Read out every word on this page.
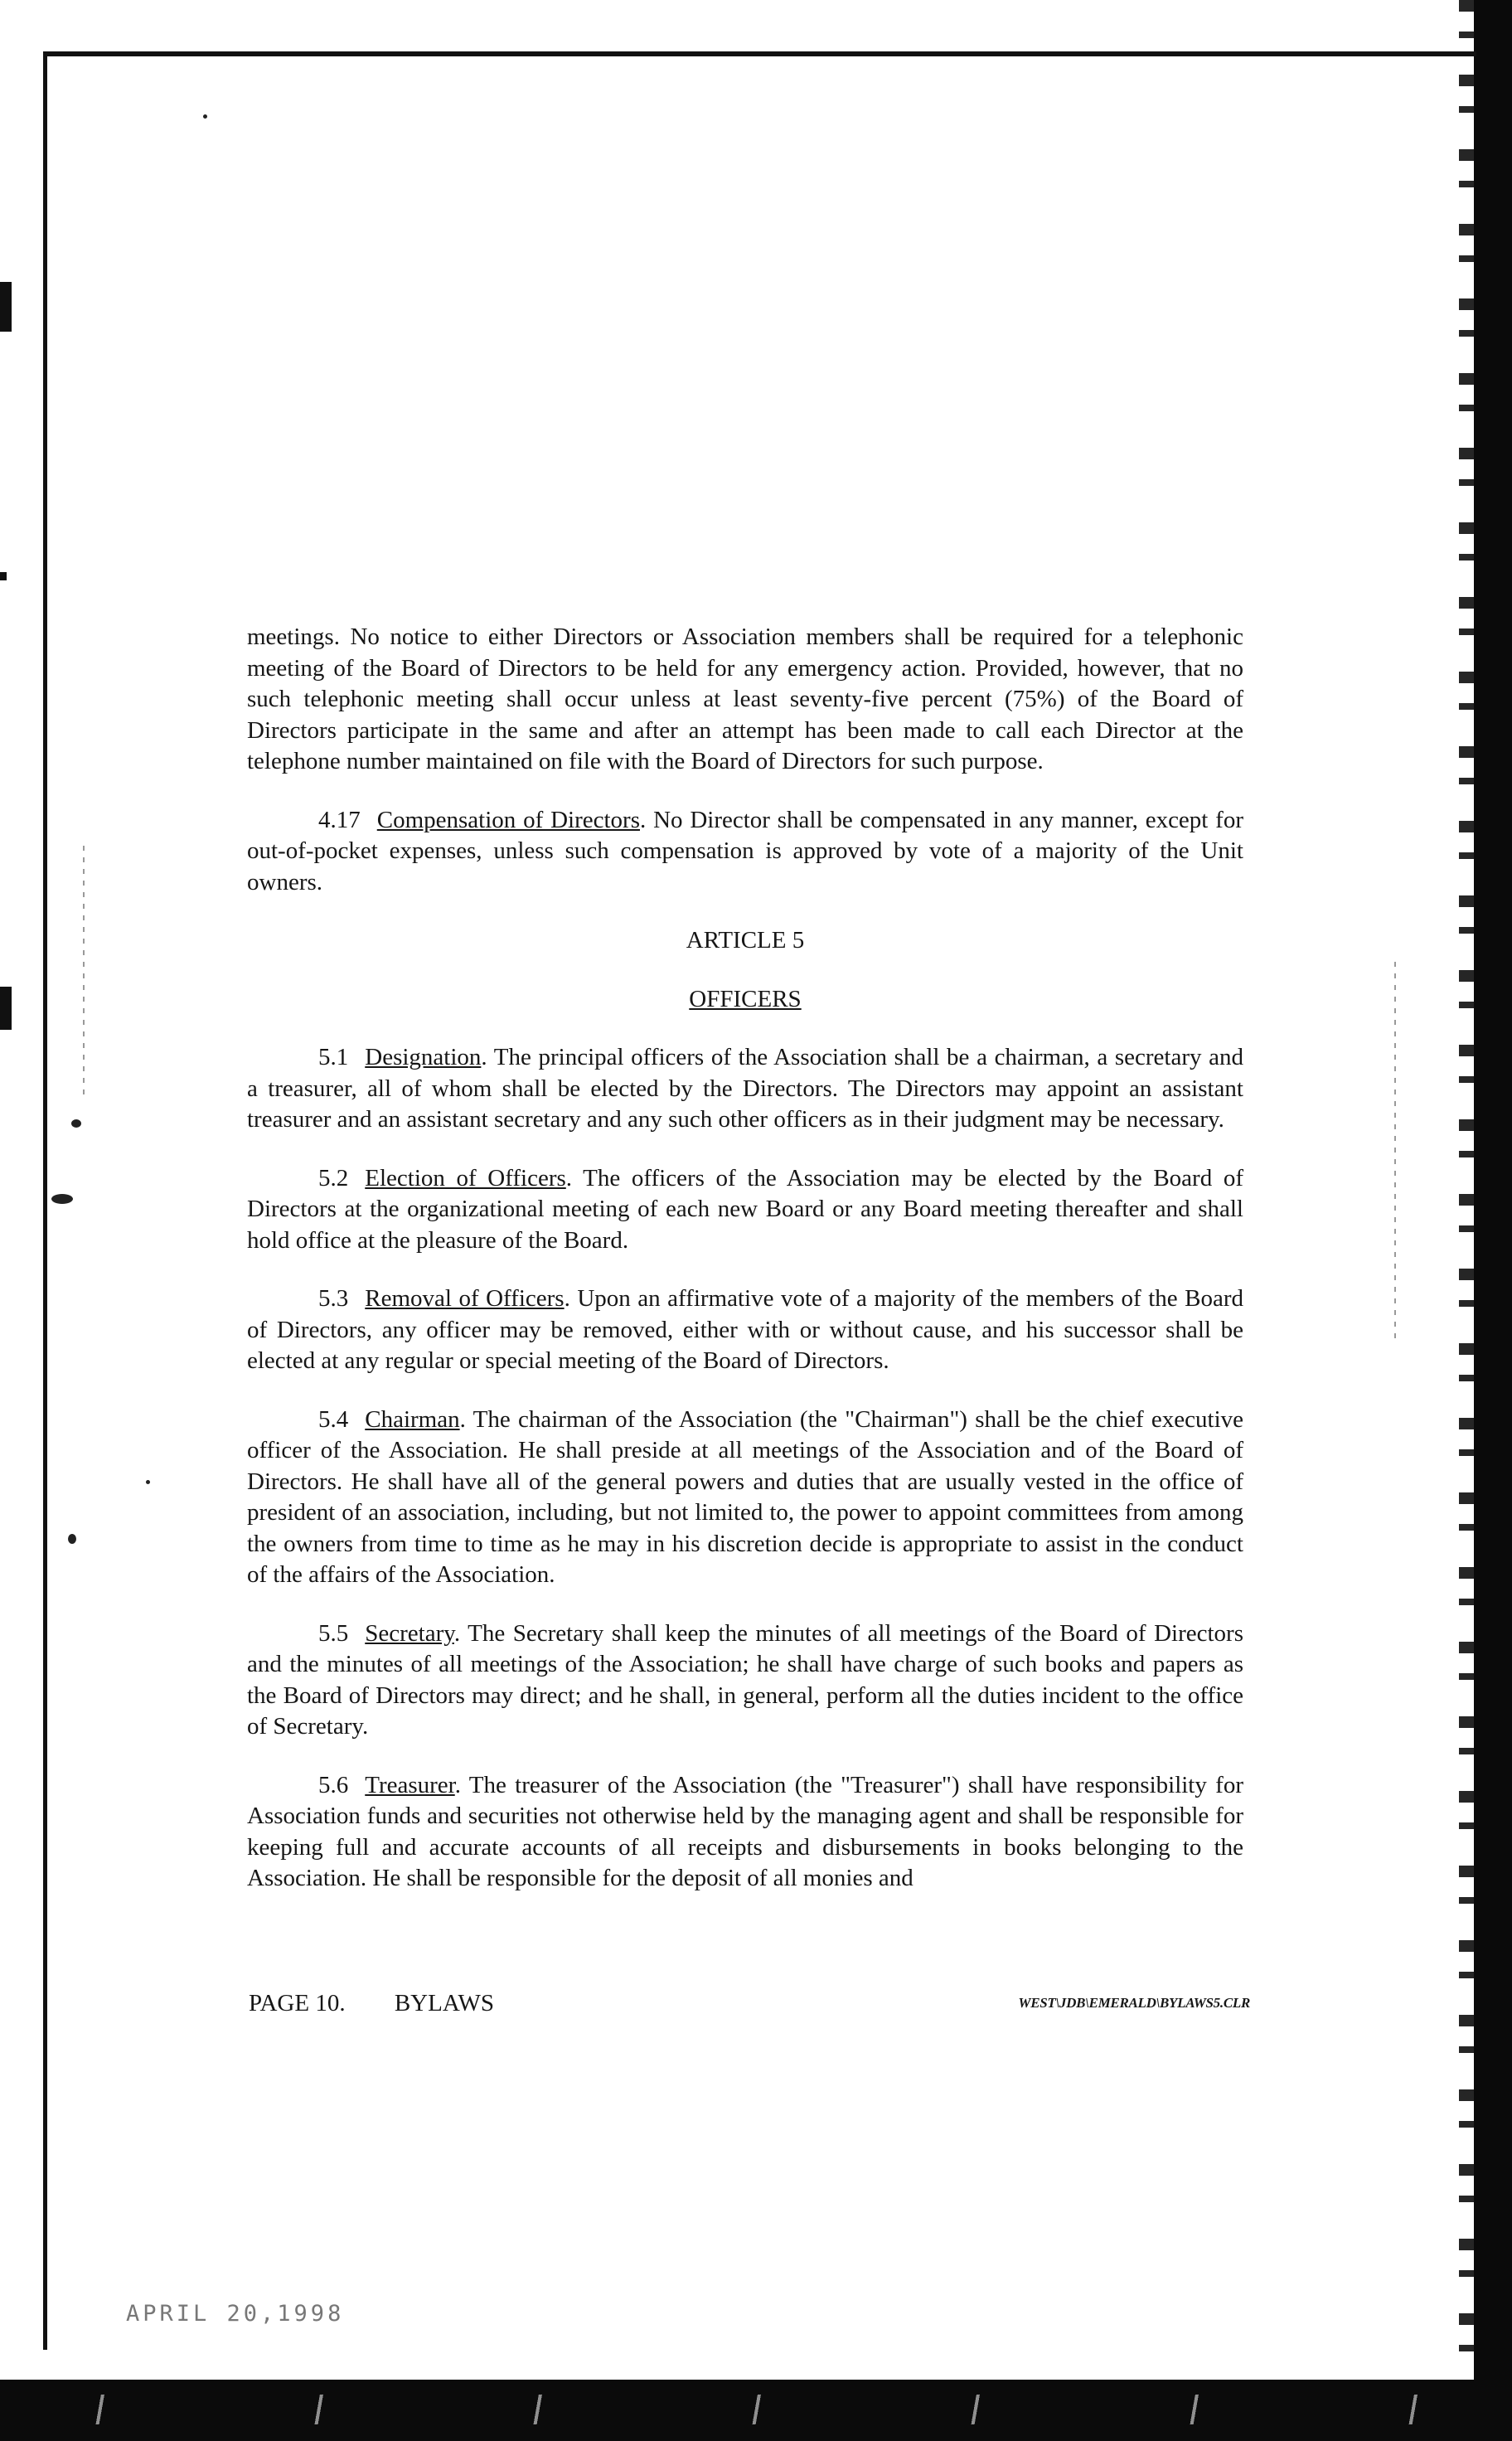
meetings. No notice to either Directors or Association members shall be required for a telephonic meeting of the Board of Directors to be held for any emergency action. Provided, however, that no such telephonic meeting shall occur unless at least seventy-five percent (75%) of the Board of Directors participate in the same and after an attempt has been made to call each Director at the telephone number maintained on file with the Board of Directors for such purpose.

4.17 Compensation of Directors. No Director shall be compensated in any manner, except for out-of-pocket expenses, unless such compensation is approved by vote of a majority of the Unit owners.

ARTICLE 5

OFFICERS

5.1 Designation. The principal officers of the Association shall be a chairman, a secretary and a treasurer, all of whom shall be elected by the Directors. The Directors may appoint an assistant treasurer and an assistant secretary and any such other officers as in their judgment may be necessary.

5.2 Election of Officers. The officers of the Association may be elected by the Board of Directors at the organizational meeting of each new Board or any Board meeting thereafter and shall hold office at the pleasure of the Board.

5.3 Removal of Officers. Upon an affirmative vote of a majority of the members of the Board of Directors, any officer may be removed, either with or without cause, and his successor shall be elected at any regular or special meeting of the Board of Directors.

5.4 Chairman. The chairman of the Association (the "Chairman") shall be the chief executive officer of the Association. He shall preside at all meetings of the Association and of the Board of Directors. He shall have all of the general powers and duties that are usually vested in the office of president of an association, including, but not limited to, the power to appoint committees from among the owners from time to time as he may in his discretion decide is appropriate to assist in the conduct of the affairs of the Association.

5.5 Secretary. The Secretary shall keep the minutes of all meetings of the Board of Directors and the minutes of all meetings of the Association; he shall have charge of such books and papers as the Board of Directors may direct; and he shall, in general, perform all the duties incident to the office of Secretary.

5.6 Treasurer. The treasurer of the Association (the "Treasurer") shall have responsibility for Association funds and securities not otherwise held by the managing agent and shall be responsible for keeping full and accurate accounts of all receipts and disbursements in books belonging to the Association. He shall be responsible for the deposit of all monies and

PAGE 10. BYLAWS	WEST\JDB\EMERALD\BYLAWS5.CLR
APRIL 20,1998
